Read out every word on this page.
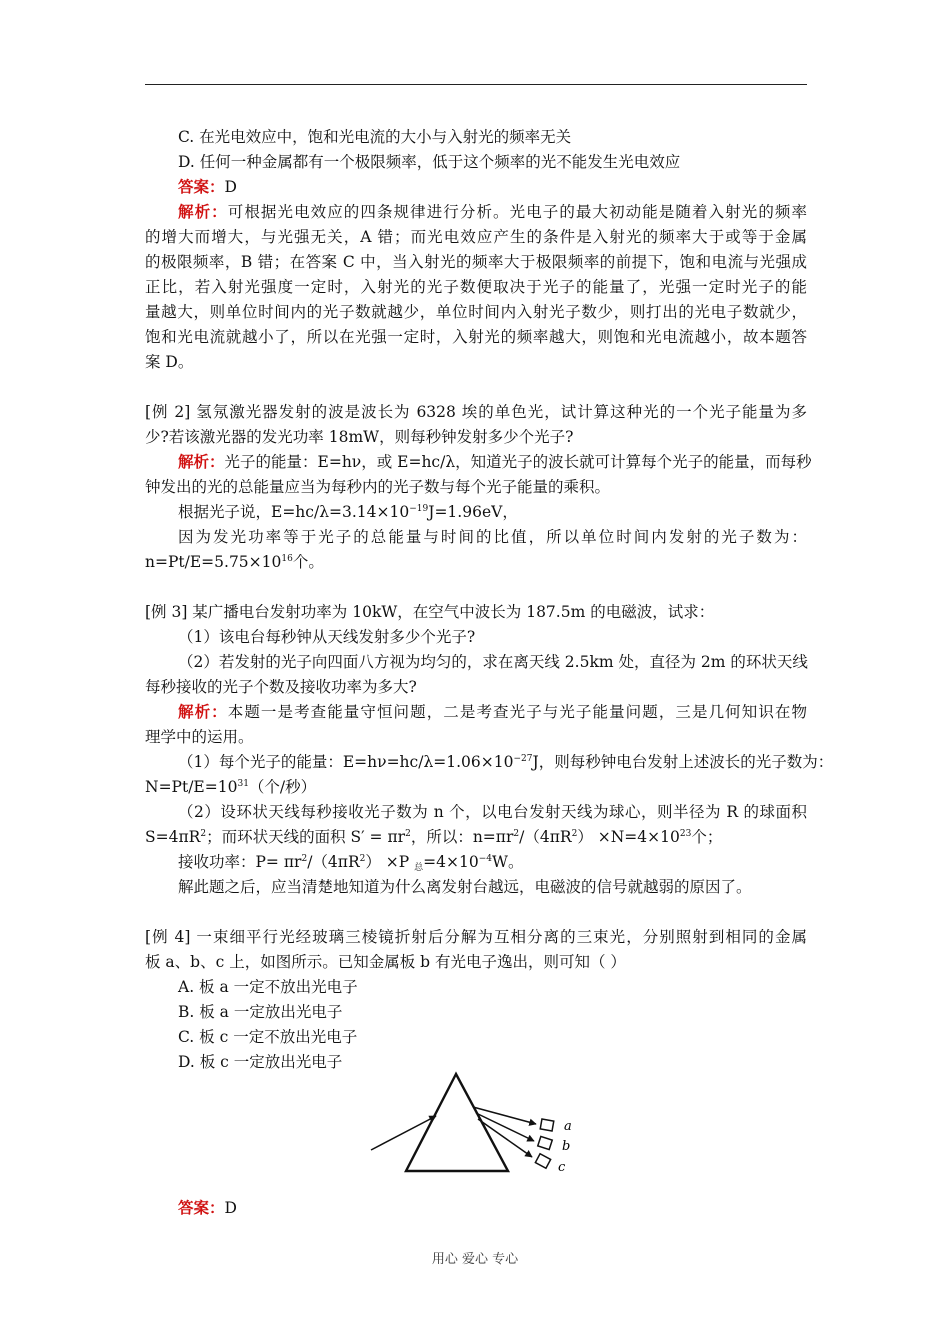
C. 在光电效应中，饱和光电流的大小与入射光的频率无关
D. 任何一种金属都有一个极限频率，低于这个频率的光不能发生光电效应
答案：D
解析：可根据光电效应的四条规律进行分析。光电子的最大初动能是随着入射光的频率
的增大而增大，与光强无关，A 错；而光电效应产生的条件是入射光的频率大于或等于金属
的极限频率，B 错；在答案 C 中，当入射光的频率大于极限频率的前提下，饱和电流与光强成
正比，若入射光强度一定时，入射光的光子数便取决于光子的能量了，光强一定时光子的能
量越大，则单位时间内的光子数就越少，单位时间内入射光子数少，则打出的光电子数就少，
饱和光电流就越小了，所以在光强一定时，入射光的频率越大，则饱和光电流越小，故本题答
案 D。
[例 2] 氢氖激光器发射的波是波长为 6328 埃的单色光，试计算这种光的一个光子能量为多
少?若该激光器的发光功率 18mW，则每秒钟发射多少个光子?
解析：光子的能量：E=hν，或 E=hc/λ，知道光子的波长就可计算每个光子的能量，而每秒
钟发出的光的总能量应当为每秒内的光子数与每个光子能量的乘积。
根据光子说，$E=hc/\lambda=3.14\times 10^{-19}J=1.96eV$，
因为发光功率等于光子的总能量与时间的比值，所以单位时间内发射的光子数为：
$n=Pt/E=5.75\times 10^{16}$个。
[例 3] 某广播电台发射功率为 10kW，在空气中波长为 187.5m 的电磁波，试求：
（1）该电台每秒钟从天线发射多少个光子?
（2）若发射的光子向四面八方视为均匀的，求在离天线 2.5km 处，直径为 2m 的环状天线
每秒接收的光子个数及接收功率为多大?
解析：本题一是考查能量守恒问题，二是考查光子与光子能量问题，三是几何知识在物
理学中的运用。
（1）每个光子的能量：$E=h\nu=hc/\lambda=1.06\times 10^{-27}J$，则每秒钟电台发射上述波长的光子数为：
$N=Pt/E=10^{31}$（个/秒）
（2）设环状天线每秒接收光子数为 n 个，以电台发射天线为球心，则半径为 R 的球面积
$S=4\pi R^2$；而环状天线的面积 $S' = \pi r^2$，所以：$n=\pi r^2/(4\pi R^2) \times N=4\times 10^{23}$个；
接收功率：$P= \pi r^2/(4\pi R^2) \times P$ $_总=4\times 10^{-4}W$。
解此题之后，应当清楚地知道为什么离发射台越远，电磁波的信号就越弱的原因了。
[例 4] 一束细平行光经玻璃三棱镜折射后分解为互相分离的三束光，分别照射到相同的金属
板 a、b、c 上，如图所示。已知金属板 b 有光电子逸出，则可知（ ）
A. 板 a 一定不放出光电子
B. 板 a 一定放出光电子
C. 板 c 一定不放出光电子
D. 板 c 一定放出光电子
a
b
c
答案：D
用心 爱心 专心
